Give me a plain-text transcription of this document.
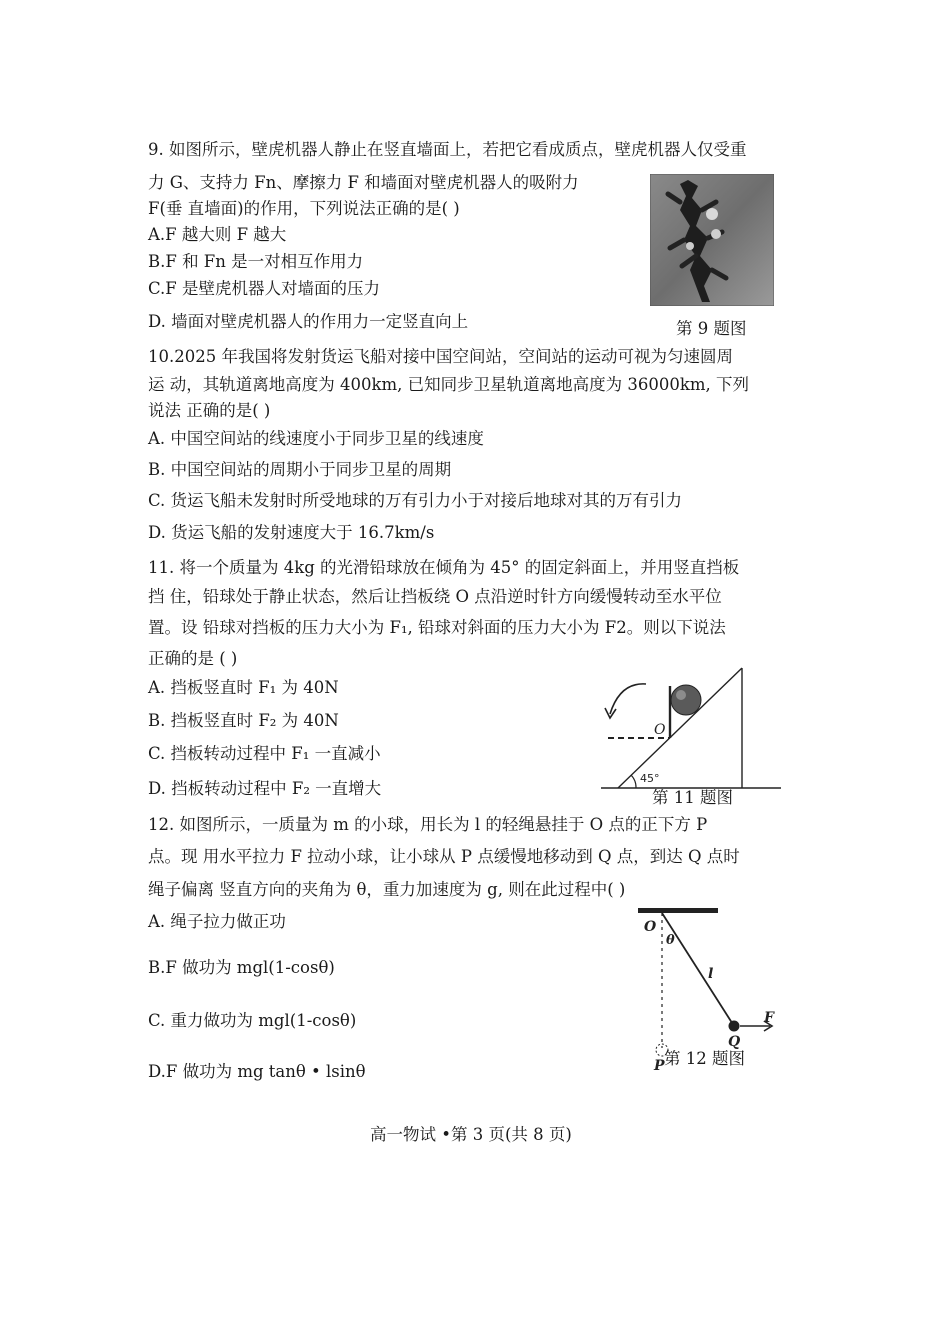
9. 如图所示，壁虎机器人静止在竖直墙面上，若把它看成质点，壁虎机器人仅受重
力 G、支持力 Fn、摩擦力 F 和墙面对壁虎机器人的吸附力
F(垂 直墙面)的作用，下列说法正确的是( )
A.F 越大则 F 越大
B.F 和 Fn 是一对相互作用力
C.F 是壁虎机器人对墙面的压力
D. 墙面对壁虎机器人的作用力一定竖直向上	第 9 题图
10.2025 年我国将发射货运飞船对接中国空间站，空间站的运动可视为匀速圆周
运 动，其轨道离地高度为 400km, 已知同步卫星轨道离地高度为 36000km, 下列
说法 正确的是( )
A. 中国空间站的线速度小于同步卫星的线速度
B. 中国空间站的周期小于同步卫星的周期
C. 货运飞船未发射时所受地球的万有引力小于对接后地球对其的万有引力
D. 货运飞船的发射速度大于 16.7km/s
11. 将一个质量为 4kg 的光滑铅球放在倾角为 45° 的固定斜面上，并用竖直挡板
挡 住，铅球处于静止状态，然后让挡板绕 O 点沿逆时针方向缓慢转动至水平位
置。设 铅球对挡板的压力大小为 F₁, 铅球对斜面的压力大小为 F2。则以下说法
正确的是 ( )
A. 挡板竖直时 F₁ 为 40N
B. 挡板竖直时 F₂ 为 40N
C. 挡板转动过程中 F₁ 一直减小
D. 挡板转动过程中 F₂ 一直增大
O
45°
第 11 题图
12. 如图所示，一质量为 m 的小球，用长为 l 的轻绳悬挂于 O 点的正下方 P
点。现 用水平拉力 F 拉动小球，让小球从 P 点缓慢地移动到 Q 点，到达 Q 点时
绳子偏离 竖直方向的夹角为 θ，重力加速度为 g, 则在此过程中( )
A. 绳子拉力做正功
B.F 做功为 mgl(1-cosθ)
C. 重力做功为 mgl(1-cosθ)
D.F 做功为 mg tanθ • lsinθ
O
θ
l
F
Q
P 第 12 题图
高一物试 •第 3 页(共 8 页)
